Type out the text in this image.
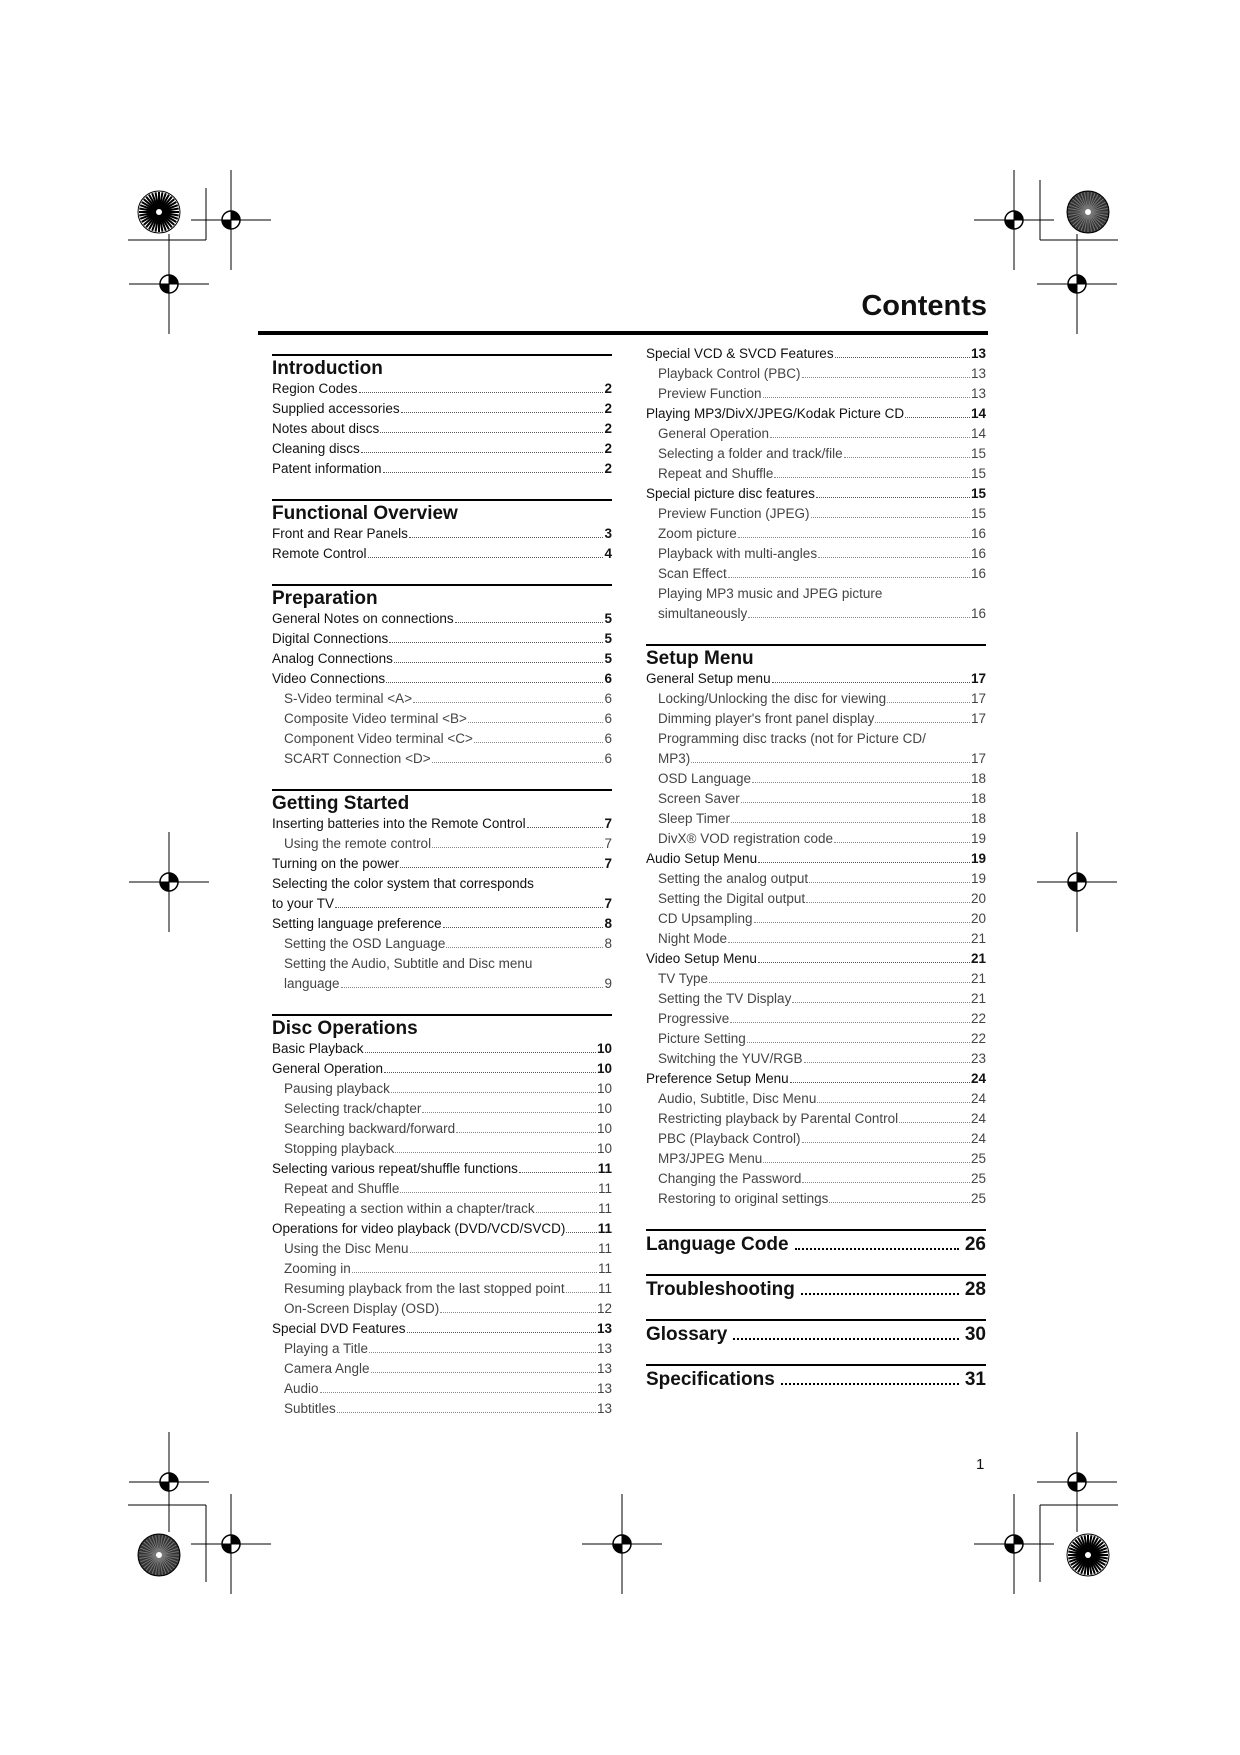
Contents
Introduction
Region Codes	2
Supplied accessories	2
Notes about discs	2
Cleaning discs	2
Patent information	2
Functional Overview
Front and Rear Panels	3
Remote Control	4
Preparation
General Notes on connections	5
Digital Connections	5
Analog Connections	5
Video Connections	6
S-Video terminal <A>	6
Composite Video terminal <B>	6
Component Video terminal <C>	6
SCART Connection <D>	6
Getting Started
Inserting batteries into the Remote Control	7
Using the remote control	7
Turning on the power	7
Selecting the color system that corresponds
to your TV	7
Setting language preference	8
Setting the OSD Language	8
Setting the Audio, Subtitle and Disc menu
language	9
Disc Operations
Basic Playback	10
General Operation	10
Pausing playback	10
Selecting track/chapter	10
Searching backward/forward	10
Stopping playback	10
Selecting various repeat/shuffle functions	11
Repeat and Shuffle	11
Repeating a section within a chapter/track	11
Operations for video playback (DVD/VCD/SVCD) 11
Using the Disc Menu	11
Zooming in	11
Resuming playback from the last stopped point 11
On-Screen Display (OSD)	12
Special DVD Features	13
Playing a Title	13
Camera Angle	13
Audio	13
Subtitles	13
Special VCD & SVCD Features	13
Playback Control (PBC)	13
Preview Function	13
Playing MP3/DivX/JPEG/Kodak Picture CD	14
General Operation	14
Selecting a folder and track/file	15
Repeat and Shuffle	15
Special picture disc features	15
Preview Function (JPEG)	15
Zoom picture	16
Playback with multi-angles	16
Scan Effect	16
Playing MP3 music and JPEG picture
simultaneously	16
Setup Menu
General Setup menu	17
Locking/Unlocking the disc for viewing	17
Dimming player's front panel display	17
Programming disc tracks (not for Picture CD/
MP3)	17
OSD Language	18
Screen Saver	18
Sleep Timer	18
DivX® VOD registration code	19
Audio Setup Menu	19
Setting the analog output	19
Setting the Digital output	20
CD Upsampling	20
Night Mode	21
Video Setup Menu	21
TV Type	21
Setting the TV Display	21
Progressive	22
Picture Setting	22
Switching the YUV/RGB	23
Preference Setup Menu	24
Audio, Subtitle, Disc Menu	24
Restricting playback by Parental Control	24
PBC (Playback Control)	24
MP3/JPEG Menu	25
Changing the Password	25
Restoring to original settings	25
Language Code	26
Troubleshooting	28
Glossary	30
Specifications	31
1
